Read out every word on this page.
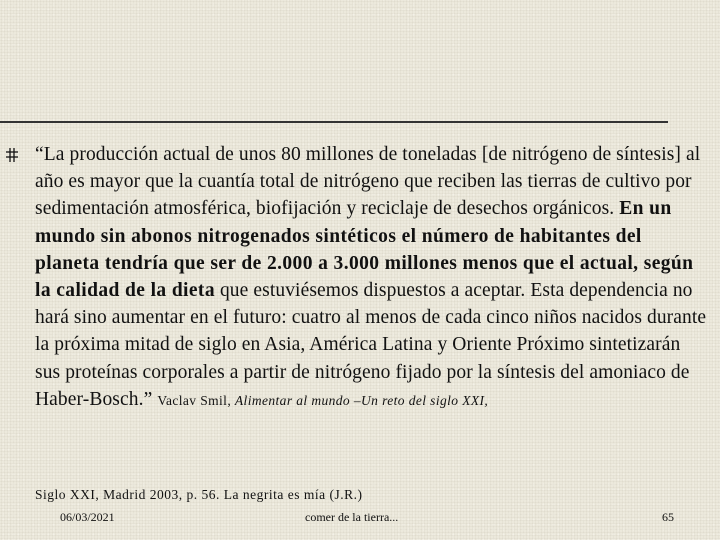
“La producción actual de unos 80 millones de toneladas [de nitrógeno de síntesis] al año es mayor que la cuantía total de nitrógeno que reciben las tierras de cultivo por sedimentación atmosférica, biofijación y reciclaje de desechos orgánicos. En un mundo sin abonos nitrogenados sintéticos el número de habitantes del planeta tendría que ser de 2.000 a 3.000 millones menos que el actual, según la calidad de la dieta que estuviésemos dispuestos a aceptar. Esta dependencia no hará sino aumentar en el futuro: cuatro al menos de cada cinco niños nacidos durante la próxima mitad de siglo en Asia, América Latina y Oriente Próximo sintetizarán sus proteínas corporales a partir de nitrógeno fijado por la síntesis del amoniaco de Haber-Bosch.” Vaclav Smil, Alimentar al mundo –Un reto del siglo XXI,
Siglo XXI, Madrid 2003, p. 56. La negrita es mía (J.R.)
06/03/2021	comer de la tierra...	65
